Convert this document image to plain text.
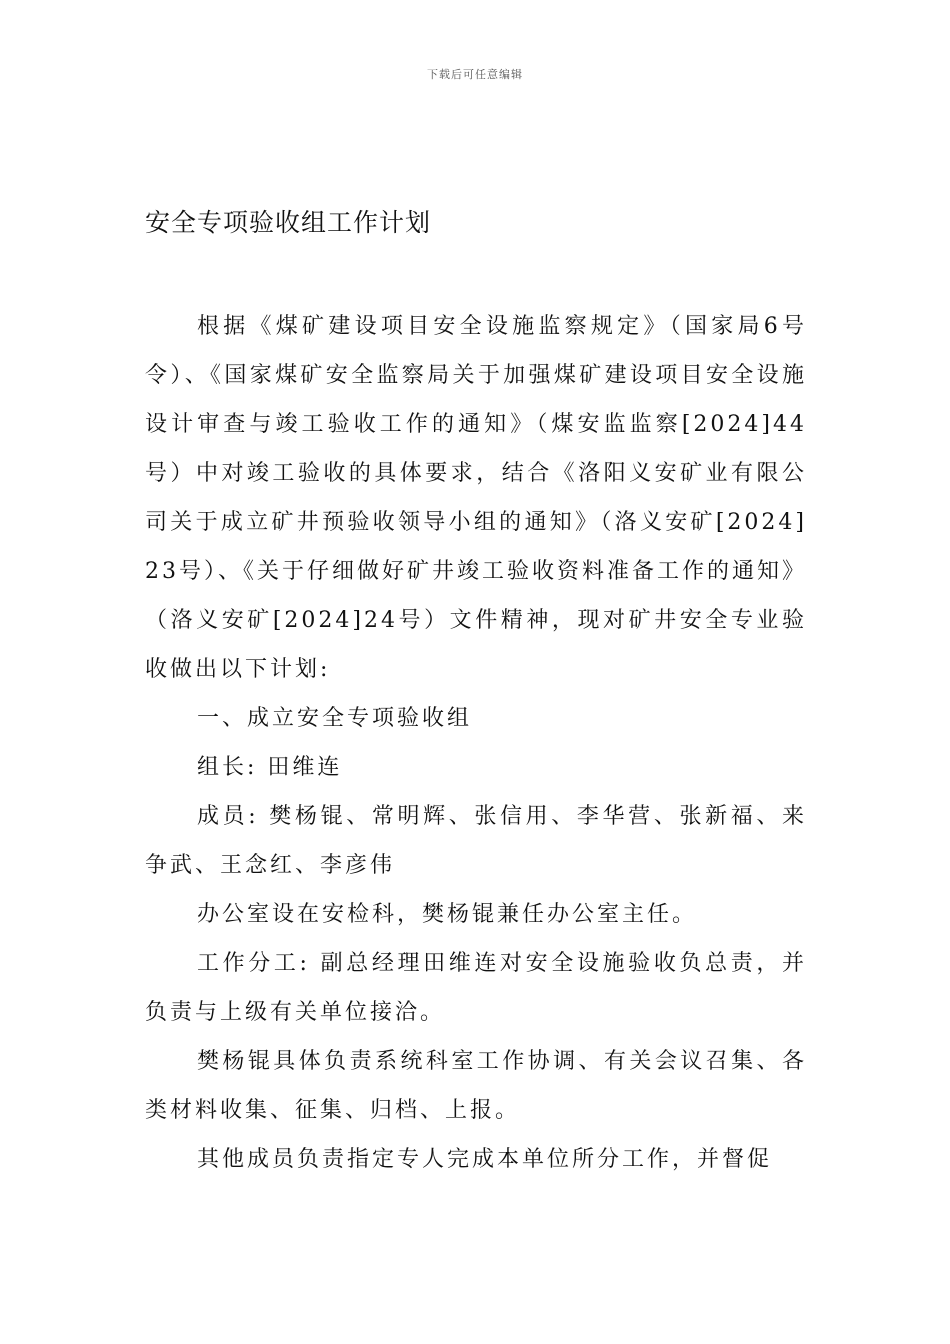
下载后可任意编辑
安全专项验收组工作计划

根据《煤矿建设项目安全设施监察规定》（国家局6号令）、《国家煤矿安全监察局关于加强煤矿建设项目安全设施设计审查与竣工验收工作的通知》（煤安监监察[2024]44号）中对竣工验收的具体要求，结合《洛阳义安矿业有限公司关于成立矿井预验收领导小组的通知》（洛义安矿[2024]23号）、《关于仔细做好矿井竣工验收资料准备工作的通知》（洛义安矿[2024]24号）文件精神，现对矿井安全专业验收做出以下计划:

一、成立安全专项验收组

组长: 田维连

成员: 樊杨锟、常明辉、张信用、李华营、张新福、来争武、王念红、李彦伟

办公室设在安检科，樊杨锟兼任办公室主任。

工作分工: 副总经理田维连对安全设施验收负总责，并负责与上级有关单位接洽。

樊杨锟具体负责系统科室工作协调、有关会议召集、各类材料收集、征集、归档、上报。

其他成员负责指定专人完成本单位所分工作，并督促
